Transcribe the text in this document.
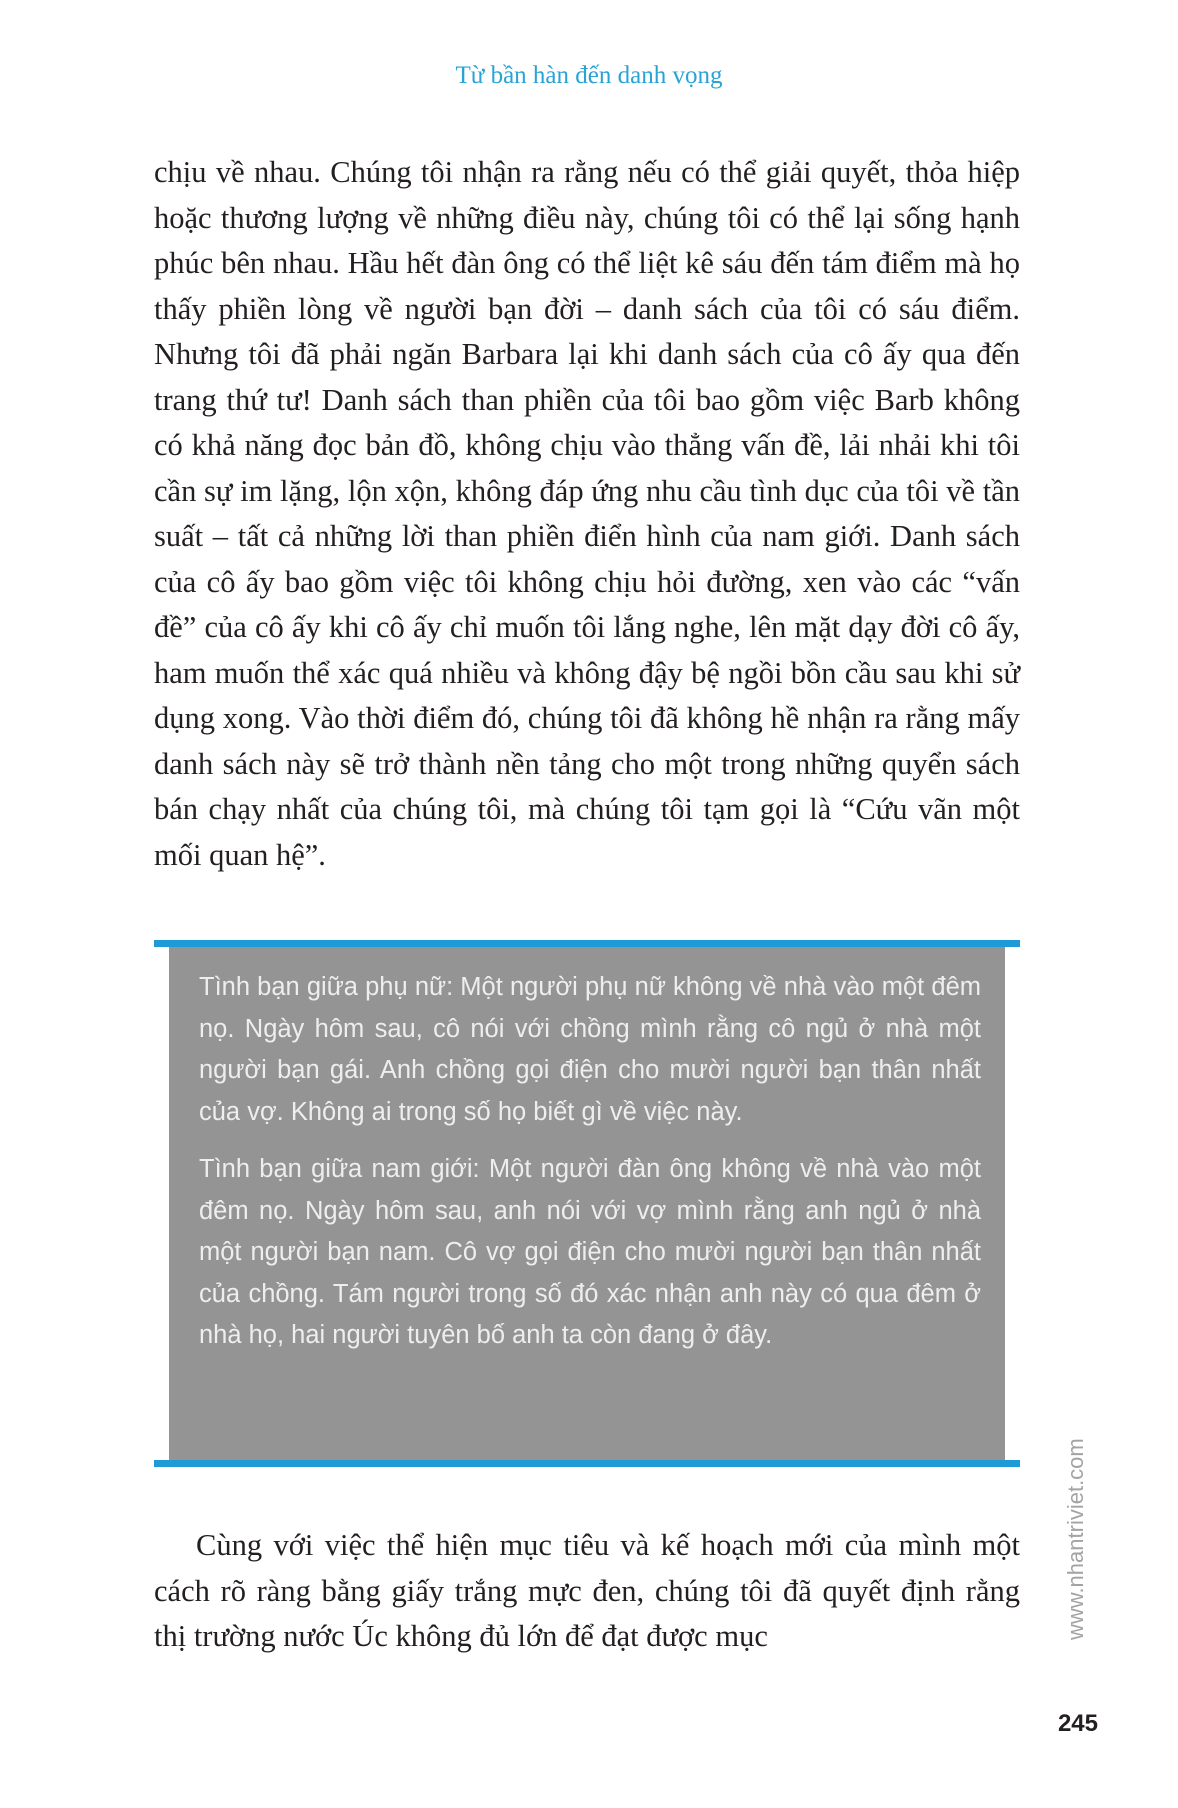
Từ bần hàn đến danh vọng

chịu về nhau. Chúng tôi nhận ra rằng nếu có thể giải quyết, thỏa hiệp hoặc thương lượng về những điều này, chúng tôi có thể lại sống hạnh phúc bên nhau. Hầu hết đàn ông có thể liệt kê sáu đến tám điểm mà họ thấy phiền lòng về người bạn đời – danh sách của tôi có sáu điểm. Nhưng tôi đã phải ngăn Barbara lại khi danh sách của cô ấy qua đến trang thứ tư! Danh sách than phiền của tôi bao gồm việc Barb không có khả năng đọc bản đồ, không chịu vào thẳng vấn đề, lải nhải khi tôi cần sự im lặng, lộn xộn, không đáp ứng nhu cầu tình dục của tôi về tần suất – tất cả những lời than phiền điển hình của nam giới. Danh sách của cô ấy bao gồm việc tôi không chịu hỏi đường, xen vào các “vấn đề” của cô ấy khi cô ấy chỉ muốn tôi lắng nghe, lên mặt dạy đời cô ấy, ham muốn thể xác quá nhiều và không đậy bệ ngồi bồn cầu sau khi sử dụng xong. Vào thời điểm đó, chúng tôi đã không hề nhận ra rằng mấy danh sách này sẽ trở thành nền tảng cho một trong những quyển sách bán chạy nhất của chúng tôi, mà chúng tôi tạm gọi là “Cứu vãn một mối quan hệ”.

Tình bạn giữa phụ nữ: Một người phụ nữ không về nhà vào một đêm nọ. Ngày hôm sau, cô nói với chồng mình rằng cô ngủ ở nhà một người bạn gái. Anh chồng gọi điện cho mười người bạn thân nhất của vợ. Không ai trong số họ biết gì về việc này.

Tình bạn giữa nam giới: Một người đàn ông không về nhà vào một đêm nọ. Ngày hôm sau, anh nói với vợ mình rằng anh ngủ ở nhà một người bạn nam. Cô vợ gọi điện cho mười người bạn thân nhất của chồng. Tám người trong số đó xác nhận anh này có qua đêm ở nhà họ, hai người tuyên bố anh ta còn đang ở đây.

Cùng với việc thể hiện mục tiêu và kế hoạch mới của mình một cách rõ ràng bằng giấy trắng mực đen, chúng tôi đã quyết định rằng thị trường nước Úc không đủ lớn để đạt được mục	www.nhantriviet.com
245
